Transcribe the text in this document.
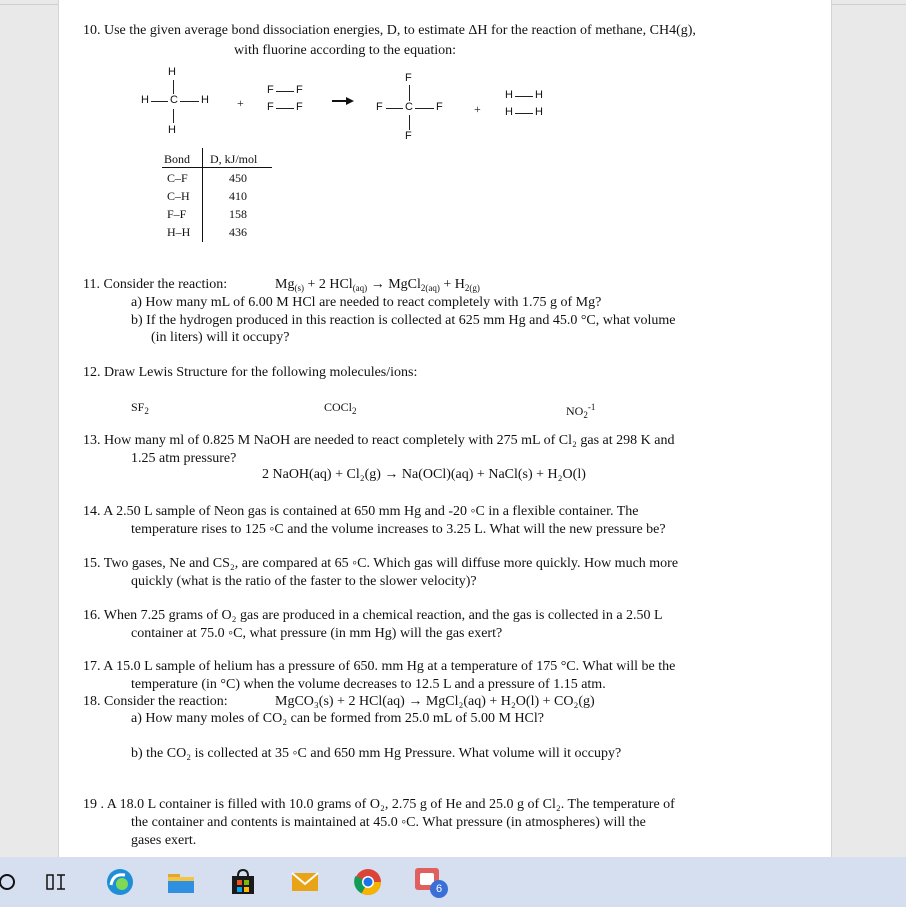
10. Use the given average bond dissociation energies, D, to estimate ΔH for the reaction of methane, CH4(g),
with fluorine according to the equation:
H
H C H
H
+
F F
F F
F
F C F
F
+
H H
H H
Bond D, kJ/mol
C–F	450
C–H	410
F–F	158
H–H	436
11. Consider the reaction:	$Mg_{(s)} + 2$ HCl$_{(aq)}$ → MgCl$_{2(aq)}$ + $H_{2(g)}$
a) How many mL of 6.00 M HCl are needed to react completely with 1.75 g of Mg?
b) If the hydrogen produced in this reaction is collected at 625 mm Hg and 45.0 °C, what volume
(in liters) will it occupy?
12. Draw Lewis Structure for the following molecules/ions:
$SF_2$	COCl$_2$	$NO_2^{-1}$
13. How many ml of 0.825 M NaOH are needed to react completely with 275 mL of Cl₂ gas at 298 K and
1.25 atm pressure?
2 NaOH(aq) + Cl₂(g) → Na(OCl)(aq) + NaCl(s) + H₂O(l)
14. A 2.50 L sample of Neon gas is contained at 650 mm Hg and -20 ◦C in a flexible container. The
temperature rises to 125 ◦C and the volume increases to 3.25 L. What will the new pressure be?
15. Two gases, Ne and CS₂, are compared at 65 ◦C. Which gas will diffuse more quickly. How much more
quickly (what is the ratio of the faster to the slower velocity)?
16. When 7.25 grams of O₂ gas are produced in a chemical reaction, and the gas is collected in a 2.50 L
container at 75.0 ◦C, what pressure (in mm Hg) will the gas exert?
17. A 15.0 L sample of helium has a pressure of 650. mm Hg at a temperature of 175 °C. What will be the
temperature (in °C) when the volume decreases to 12.5 L and a pressure of 1.15 atm.
18. Consider the reaction:	MgCO₃(s) + 2 HCl(aq) → MgCl₂(aq) + H₂O(l) + CO₂(g)
a) How many moles of CO₂ can be formed from 25.0 mL of 5.00 M HCl?
b) the CO₂ is collected at 35 ◦C and 650 mm Hg Pressure. What volume will it occupy?
19 . A 18.0 L container is filled with 10.0 grams of O₂, 2.75 g of He and 25.0 g of Cl₂. The temperature of
the container and contents is maintained at 45.0 ◦C. What pressure (in atmospheres) will the
gases exert.
6
